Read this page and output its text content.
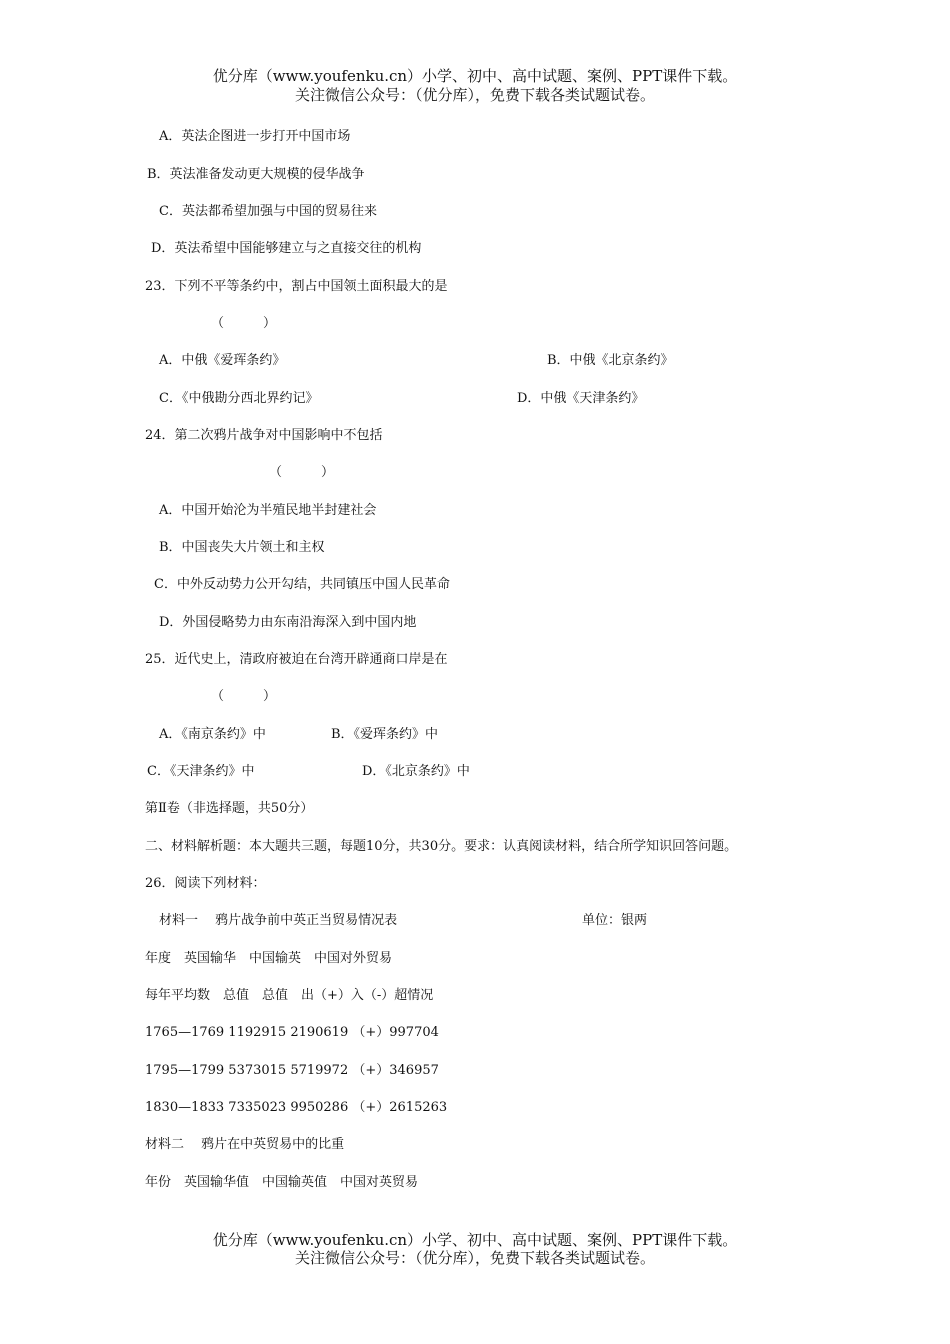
优分库（www.youfenku.cn）小学、初中、高中试题、案例、PPT课件下载。
关注微信公众号：（优分库），免费下载各类试题试卷。
A．英法企图进一步打开中国市场
B．英法准备发动更大规模的侵华战争
C．英法都希望加强与中国的贸易往来
D．英法希望中国能够建立与之直接交往的机构
23．下列不平等条约中，割占中国领土面积最大的是
（　　　）
A．中俄《爱珲条约》	B．中俄《北京条约》
C．《中俄勘分西北界约记》	D．中俄《天津条约》
24．第二次鸦片战争对中国影响中不包括
（　　　）
A．中国开始沦为半殖民地半封建社会
B．中国丧失大片领土和主权
C．中外反动势力公开勾结，共同镇压中国人民革命
D．外国侵略势力由东南沿海深入到中国内地
25．近代史上，清政府被迫在台湾开辟通商口岸是在
（　　　）
A．《南京条约》中	B．《爱珲条约》中
C．《天津条约》中	D．《北京条约》中
第Ⅱ卷（非选择题，共50分）
二、材料解析题：本大题共三题，每题10分，共30分。要求：认真阅读材料，结合所学知识回答问题。
26．阅读下列材料：
材料一　 鸦片战争前中英正当贸易情况表	单位：银两
年度　英国输华　中国输英　中国对外贸易
每年平均数　总值　总值　出（+）入（-）超情况
1765—1769 1192915 2190619 （+）997704
1795—1799 5373015 5719972 （+）346957
1830—1833 7335023 9950286 （+）2615263
材料二　 鸦片在中英贸易中的比重
年份　英国输华值　中国输英值　中国对英贸易
优分库（www.youfenku.cn）小学、初中、高中试题、案例、PPT课件下载。
关注微信公众号：（优分库），免费下载各类试题试卷。
